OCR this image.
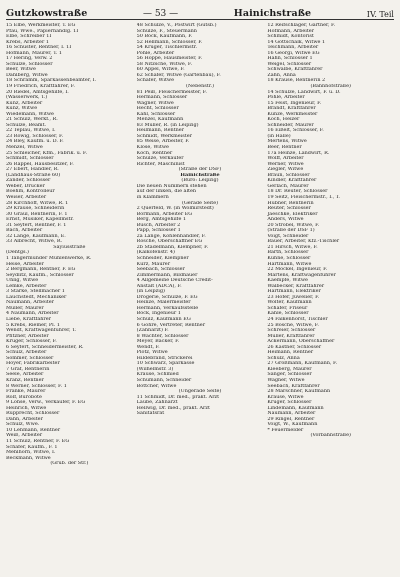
Gutzkowstraße	— 53 —	Hainichstraße	IV. Teil
15 Elbe, Werkmeister, T. EG
Pfau, Wwe., Papierhandlg. 1I
Elbe, Schreiber 1I
Krebs, Arbeiter 1
16 Schuster, Rentner, I. 1I
Hofmann, Maurer, T. 1
17 Hering, Verw. 2
Schulze, Schlosser
Beer, Witwe
Dahlberg, Witwe
18 Schramm, Sparkassenbeamter, I.
19 Friedrich, Kraftfahrer, F.
20 Riedel, Amtsgehilfe, I.
(Wasserwerk, T.)
Kunz, Arbeiter
Kunz, Witwe
Wiedemann, Witwe
21 Schulz, Werkf., R.
Schulze, Beamt.
22 Teplau, Witwe, I.
23 Rowig, Schlosser, F.
24 Bley, Kaufm. u. D. F.
Menzel, Witwe
25 Schleicher, Kfm., Fabrik. u. F.
Schmidt, Schlosser
26 Rappel, Hausbesitzer, F.
27 Ebert, Händler, R.
(Landhaus-Straße 60)
Zander, Schlosser
Weber, Drucker
Boehm, Kontrolleur
Weiser, Arbeiter
28 Kirchhoff, Witwe, R. 1
29 Krause, Schneiderin
30 Graul, Rentnerin, F. 1
Ernst, Musiker, Kapellmstr.
31 Seyfert, Rentner, F. 1
Bach, Arbeiter
32 Lange, Kaufmann, E.
33 Albrecht, Witwe, R.
Sayiusstraße
(Dentgs.)
1 Tangermünder Mühlenwerke, R.
Heise, Arbeiter
2 Bergmann, Rentner, F. EG
Seydlitz, Kaufm., Schlosser
Uhlig, Witwe
Lemke, Arbeiter
3 Starke, Stellmacher 1
Lauchstedt, Mechaniker
Naumann, Arbeiter
Müller, Maurer
4 Naumann, Arbeiter
Liebe, Kraftfahrer
5 Krebs, Riemer, Pl. 1
Wendt, Kraftwagenführer, T.
Pfitzner, Arbeiter
Krüger, Schlosser, F.
6 Seyfert, Schneidermeister, R.
Schulz, Arbeiter
Sommer, Schlosser
Hoyer, Fabrikarbeiter
7 Graf, Rentnerin
Seele, Arbeiter
Kranz, Rentner
8 Werner, Schlosser, F. 1
Franke, Maurer
Rolf, Bürobote
9 Lohse, Verw., Verkäufer, F. EG
Heinrich, Witwe
Rupprecht, Schlosser
Dähn, Arbeiter
Schulz, Wwe.
10 Lehmann, Rentner
Weiß, Arbeiter
11 Schulz, Rentner, F. EG
Schäfer, Kaufm., F. 1
Mehlhorn, Witwe, I.
Beckmann, Witwe
(Grub. der Str.)
48 Schulze, V., Postwirt (Gutsb.)
Schulze, F., Steuermann
50 Bock, Kaufmann, F.
52 Hellmann, Schlosser, F.
54 Krüger, Tischlermstr.
Pohle, Arbeiter
56 Hoppe, Hausmeister, F.
58 Nitzsche, Witwe, F.
60 Appel, Witwe, F.
62 Schäfer, Witwe (Gartenbau), F.
Schäfer, Witwe
(Nebenstr.)
81 Peiß, Fleischermeister, F.
Hermann, Schlosser
Wagner, Witwe
Hecht, Schlosser
Kahl, Schlosser
Menzel, Kaufmann
83 Müller, R. (in Leipzig)
Heilmann, Rentner
Schmidt, Werkmeister
85 Weise, Arbeiter, F.
Klose, Witwe
Koch, Rentner
Schulze, Verkäufer
Richter, Maschinist
(Straße der DSF)
Hainichstraße
(Büro: Leipzig)
Die neuen Nummern stehen
auf der linken, die alten
in Klammern
(Gerade Seite)
2 Querfeld, W. (in Wolmirstedt)
Bormann, Arbeiter EG
Berg, Amtsgehilfe 1
Busch, Arbeiter 2
Papp, Schlosser 1
2a Lange, Kohlenhändler, F.
Rosche, Oberschaffner EG
2b Stadelmann, Klempner, F.
(Kalkofenstr. 4)
Schneider, Klempner
Kurz, Maurer
Seebach, Schlosser
Zimmermann, Bildhauer
4 Allgemeine Deutsche Credit-
Anstalt (ADCA), F.
(in Leipzig)
Drogerie, Schulze, F. EG
Heinze, Malermeister
Hermann, Verkaufsstelle
Bock, Ingenieur 1
Schulz, Kaufmann EG
6 Göhre, Vertreter, Rentner
(Zahnarzt) F.
8 Wächter, Schlosser
Meyer, Bäcker, F.
Wendt, F.
Plötz, Witwe
Hildebrand, Strickerei
10 Schwarz, Sparkasse
(Wilhelmstr. 3)
Krause, Schmied
Schumann, Schneider
Böttcher, Witwe
(Ungerade Seite)
11 Schmidt, Dr. med., prakt. Arzt
Laube, Zahnarzt
Hellwig, Dr. med., prakt. Arzt
Sanitätsrat
12 Reifschläger, Gärtner, F.
Hofmann, Arbeiter
Schmidt, Kontorist
14 Gottschalk, Witwe 1
Teichmann, Arbeiter
16 Georgi, Witwe EG
Hahn, Schlosser 1
Weigel, Schlosser
Schwalbe, Kraftfahrer
Zahn, Anna
18 Krause, Rentnerin 2
(Bahnhofstraße)
14 Schulze, Landwirt, F. u. D.
Pohle, Arbeiter
15 Feist, Ingenieur, F.
Brandt, Kraftfahrer
Kunze, Werkmeister
Koch, Heizer
Schneider, Maurer
16 Eißelt, Schlosser, F.
(in Halle)
Mertens, Witwe
Beer, Rentner
17a Heinze, Landwirt, R.
Wolff, Arbeiter
Werner, Witwe
Ziegler, Witwe
Braun, Schlosser
Kindler, Kraftfahrer
Gerlach, Maurer
18 Dr. Reuter, Schlosser
19 Seitz, Fleischermstr., I., T.
Hübner, Rentnerin
Reuter, Schlosser
Jaeschke, Elektriker
Anders, Witwe
20 Strobel, Witwe, F.
(Straße der DSF 1)
Voigt, Schneider
Bauer, Arbeiter, Kfz.-Tischler
21 Hirsch, Witwe, F.
Barth, Schlosser
Kühne, Schlosser
Hartmann, Witwe
22 Möckel, Ingenieur, F.
Martens, Kraftwagenführer
Kaempfe, Witwe
Walbecker, Kraftfahrer
Hartmann, Elektriker
23 Höfer, Juwelier, F.
Wolter, Kaufmann
Schäfer, Friseur
Kahle, Schlosser
24 Falkenhorst, Tischler
25 Bösche, Witwe, F.
Schreier, Schlosser
Müller, Kraftfahrer
Ackermann, Oberschaffner
26 Kästner, Schlosser
Heimann, Rentner
Schulz, Anna
27 Großmann, Kaufmann, F.
Kleeberg, Maurer
Sänger, Schlosser
Wagner, Witwe
Seebach, Kraftfahrer
28 Marschner, Kaufmann
Krause, Witwe
Krüger, Schlosser
Lindemann, Kaufmann
Naumann, Arbeiter
29 Ringel, Rentner
Voigt, W., Kaufmann
* Feuermelder
(Vorbahnstraße)
